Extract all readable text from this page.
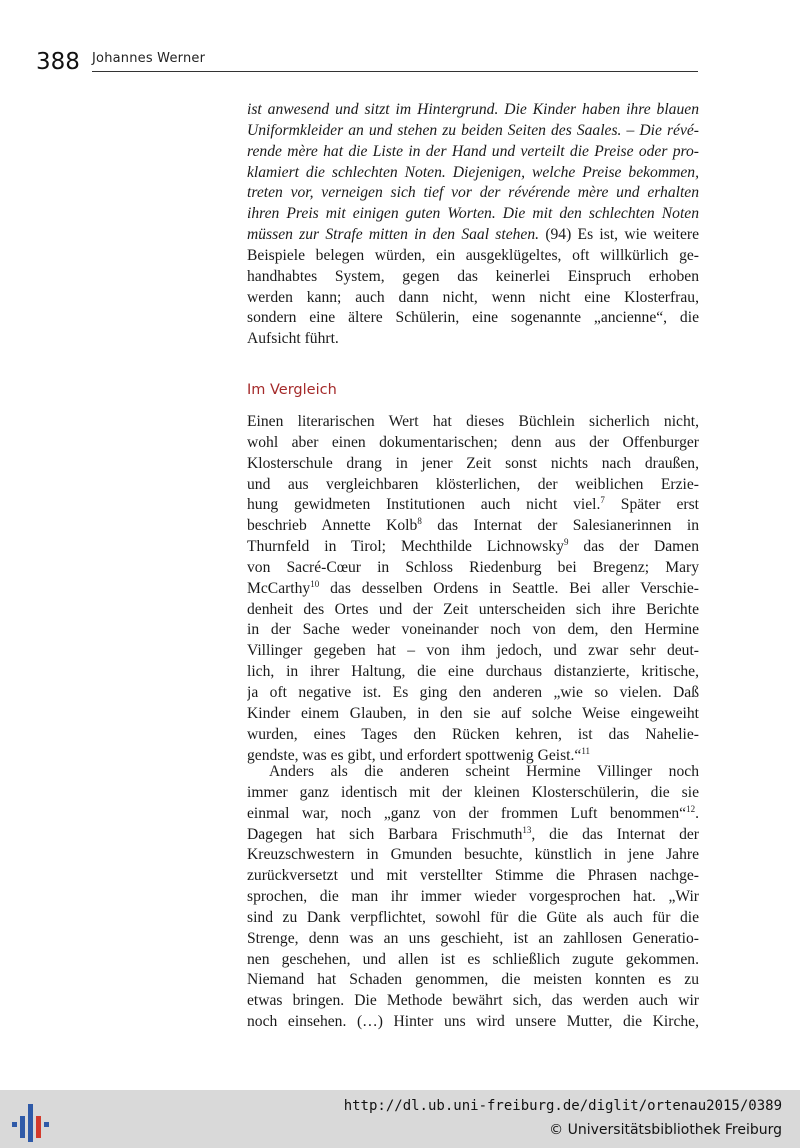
388 Johannes Werner
ist anwesend und sitzt im Hintergrund. Die Kinder haben ihre blauen
Uniformkleider an und stehen zu beiden Seiten des Saales. – Die révé-
rende mère hat die Liste in der Hand und verteilt die Preise oder pro-
klamiert die schlechten Noten. Diejenigen, welche Preise bekommen,
treten vor, verneigen sich tief vor der révérende mère und erhalten
ihren Preis mit einigen guten Worten. Die mit den schlechten Noten
müssen zur Strafe mitten in den Saal stehen. (94) Es ist, wie weitere
Beispiele belegen würden, ein ausgeklügeltes, oft willkürlich ge-
handhabtes System, gegen das keinerlei Einspruch erhoben
werden kann; auch dann nicht, wenn nicht eine Klosterfrau,
sondern eine ältere Schülerin, eine sogenannte „ancienne“, die
Aufsicht führt.
Im Vergleich
Einen literarischen Wert hat dieses Büchlein sicherlich nicht,
wohl aber einen dokumentarischen; denn aus der Offenburger
Klosterschule drang in jener Zeit sonst nichts nach draußen,
und aus vergleichbaren klösterlichen, der weiblichen Erzie-
hung gewidmeten Institutionen auch nicht viel.$^7$ Später erst
beschrieb Annette Kolb$^8$ das Internat der Salesianerinnen in
Thurnfeld in Tirol; Mechthilde Lichnowsky$^9$ das der Damen
von Sacré-Cœur in Schloss Riedenburg bei Bregenz; Mary
McCarthy$^{10}$ das desselben Ordens in Seattle. Bei aller Verschie-
denheit des Ortes und der Zeit unterscheiden sich ihre Berichte
in der Sache weder voneinander noch von dem, den Hermine
Villinger gegeben hat – von ihm jedoch, und zwar sehr deut-
lich, in ihrer Haltung, die eine durchaus distanzierte, kritische,
ja oft negative ist. Es ging den anderen „wie so vielen. Daß
Kinder einem Glauben, in den sie auf solche Weise eingeweiht
wurden, eines Tages den Rücken kehren, ist das Nahelie-
gendste, was es gibt, und erfordert spottwenig Geist.“$^{11}$
Anders als die anderen scheint Hermine Villinger noch
immer ganz identisch mit der kleinen Klosterschülerin, die sie
einmal war, noch „ganz von der frommen Luft benommen“$^{12}$.
Dagegen hat sich Barbara Frischmuth$^{13}$, die das Internat der
Kreuzschwestern in Gmunden besuchte, künstlich in jene Jahre
zurückversetzt und mit verstellter Stimme die Phrasen nachge-
sprochen, die man ihr immer wieder vorgesprochen hat. „Wir
sind zu Dank verpflichtet, sowohl für die Güte als auch für die
Strenge, denn was an uns geschieht, ist an zahllosen Generatio-
nen geschehen, und allen ist es schließlich zugute gekommen.
Niemand hat Schaden genommen, die meisten konnten es zu
etwas bringen. Die Methode bewährt sich, das werden auch wir
noch einsehen. (…) Hinter uns wird unsere Mutter, die Kirche,
http://dl.ub.uni-freiburg.de/diglit/ortenau2015/0389
© Universitätsbibliothek Freiburg
